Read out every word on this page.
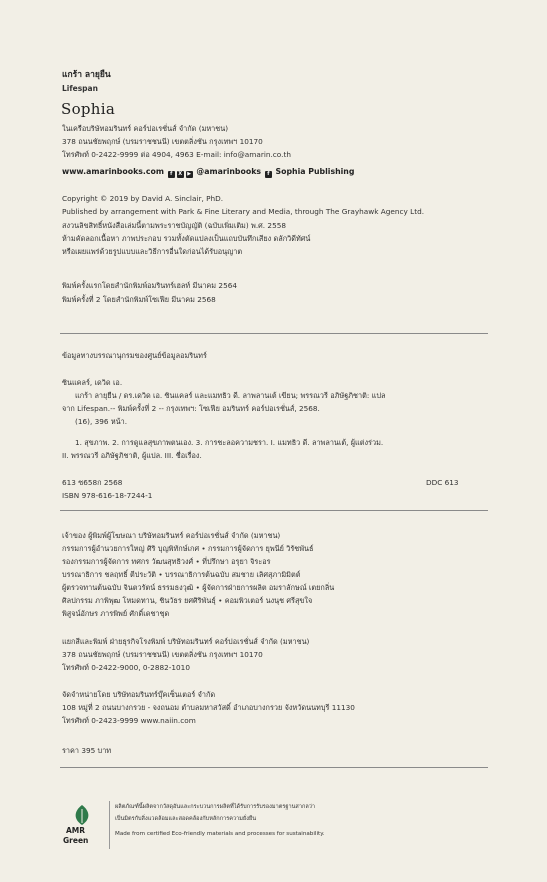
แกร้า ลายุยืน
Lifespan
Sophia
ในเครือบริษัทอมรินทร์ คอร์ปอเรชั่นส์ จำกัด (มหาชน)
378 ถนนชัยพฤกษ์ (บรมราชชนนี) เขตตลิ่งชัน กรุงเทพฯ 10170
โทรศัพท์ 0-2422-9999 ต่อ 4904, 4963 E-mail: info@amarin.co.th
www.amarinbooks.com f X ▶ @amarinbooks f Sophia Publishing
Copyright © 2019 by David A. Sinclair, PhD.
Published by arrangement with Park & Fine Literary and Media, through The Grayhawk Agency Ltd.
สงวนลิขสิทธิ์หนังสือเล่มนี้ตามพระราชบัญญัติ (ฉบับเพิ่มเติม) พ.ศ. 2558
ห้ามคัดลอกเนื้อหา ภาพประกอบ รวมทั้งตัดแปลงเป็นแถบบันทึกเสียง ดลักวิดีทัศน์
หรือเผยแพร่ด้วยรูปแบบและวิธีการอื่นใดก่อนได้รับอนุญาต
พิมพ์ครั้งแรกโดยสำนักพิมพ์อมรินทร์เฮลท์ มีนาคม 2564
พิมพ์ครั้งที่ 2 โดยสำนักพิมพ์โซเฟีย มีนาคม 2568
ข้อมูลทางบรรณานุกรมของศูนย์ข้อมูลอมรินทร์
ซินแคลร์, เดวิด เอ.
แกร้า ลายุยืน / ดร.เดวิด เอ. ซินแคลร์ และแมทธิว ดี. ลาพลานเต้ เขียน; พรรณวรี อภิษัฐภิชาติ: แปล
จาก Lifespan.-- พิมพ์ครั้งที่ 2 -- กรุงเทพฯ: โซเฟีย อมรินทร์ คอร์ปอเรชั่นส์, 2568.
(16), 396 หน้า.
1. สุขภาพ. 2. การดูแลสุขภาพตนเอง. 3. การชะลอความชรา. I. แมทธิว ดี. ลาพลานเต้, ผู้แต่งร่วม.
II. พรรณวรี อภิษัฐภิชาติ, ผู้แปล. III. ชื่อเรื่อง.
613 ซ658ก 2568	DDC 613
ISBN 978-616-18-7244-1
เจ้าของ ผู้พิมพ์ผู้โฆษณา บริษัทอมรินทร์ คอร์ปอเรชั่นส์ จำกัด (มหาชน)
กรรมการผู้อำนวยการใหญ่ ศิริ บุญพิทักษ์เกศ • กรรมการผู้จัดการ ยุพนีย์ วิรัชพันธ์
รองกรรมการผู้จัดการ ทศกร วัฒนสุทธิวงศ์ • ที่ปรึกษา อรุยา จิระอร
บรรณาธิการ ชลฤทธิ์ ตีประวัติ • บรรณาธิการต้นฉบับ สมชาย เลิศสุภามิมิตต์
ผู้ตรวจทานต้นฉบับ จินตวรัตน์ ธรรมธงวุฒิ • ผู้จัดการฝ่ายการผลิต อมราลักษณ์ เตยกลิ่น
ศิลปกรรม ภาพิพุฒ โหมดทาน, ชินวัธร ยศศิริพันธุ์ • คอมพิวเตอร์ นงนุช ศรีสุขใจ
พิสูจน์อักษร ภารพิพย์ ศักดิ์เดชาชุด
แยกสีและพิมพ์ ฝ่ายธุรกิจโรงพิมพ์ บริษัทอมรินทร์ คอร์ปอเรชั่นส์ จำกัด (มหาชน)
378 ถนนชัยพฤกษ์ (บรมราชชนนี) เขตตลิ่งชัน กรุงเทพฯ 10170
โทรศัพท์ 0-2422-9000, 0-2882-1010
จัดจำหน่ายโดย บริษัทอมรินทร์บุ๊คเซ็นเตอร์ จำกัด
108 หมู่ที่ 2 ถนนบางกรวย - จงถนอม ตำบลมหาสวัสดิ์ อำเภอบางกรวย จังหวัดนนทบุรี 11130
โทรศัพท์ 0-2423-9999 www.naiin.com
ราคา 395 บาท
AMR
Green
ผลิตภัณฑ์นี้ผลิตจากวัสดุอันและกระบวนการผลิตที่ได้รับการรับรองมาตรฐานสากลว่า
เป็นมิตรกับสิ่งแวดล้อมและสอดคล้องกับหลักการความยั่งยืน
Made from certified Eco-friendly materials and processes for sustainability.
